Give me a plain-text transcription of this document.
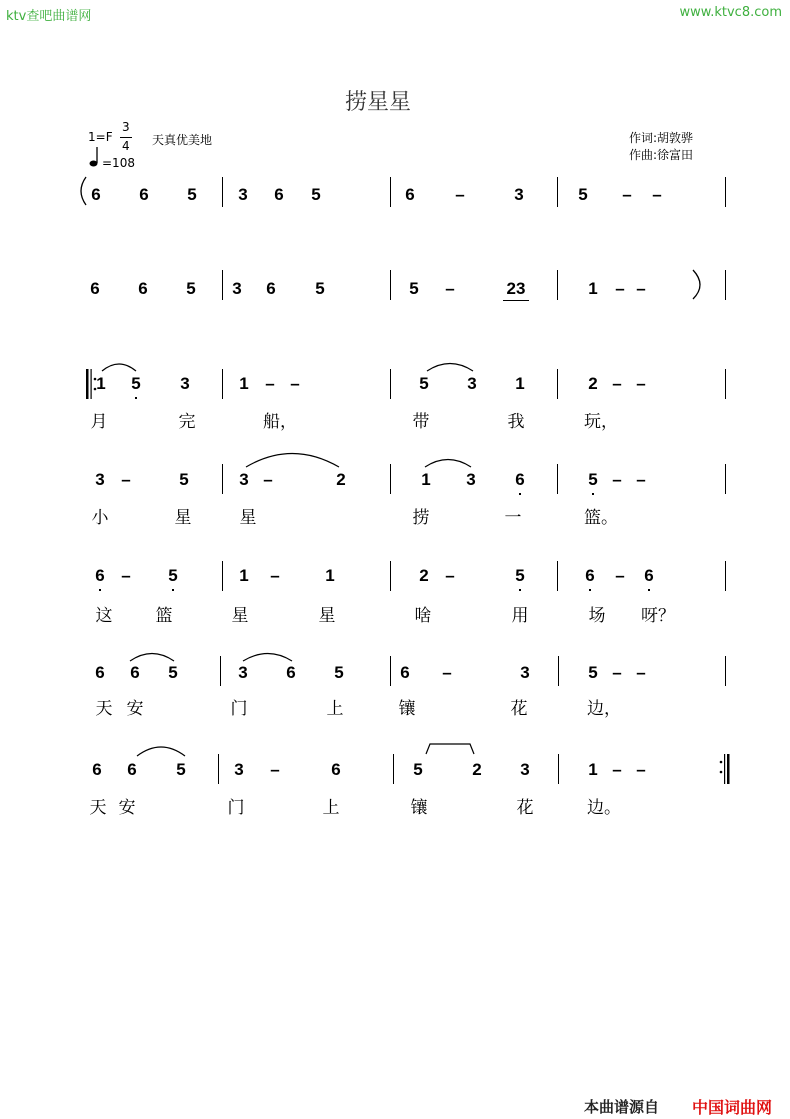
ktv查吧曲谱网	www.ktvc8.com
捞星星
1=F
3
4 天真优美地
=108
作词:胡敦骅
作曲:徐富田
6 6 5 3 6 5	6 –	3	5 – –
6 6 5 3 6 5	5 –	23	1 – –
1 5 3	1 – –	5 3 1	2 – –
月	完	船，	带	我	玩，
3 –	5	3 –	2	1 3 6	5 – –
小	星	星	捞	一	篮。
6 – 5	1 –	1	2 –	5	6 – 6
这	篮	星	星	啥	用	场 呀？
6 6 5	3 6 5	6 –	3	5 – –
天 安	门	上	镶	花	边，
6 6 5	3 –	6	5	2 3	1 – –
天 安	门	上	镶	花	边。
本曲谱源自 中国词曲网
